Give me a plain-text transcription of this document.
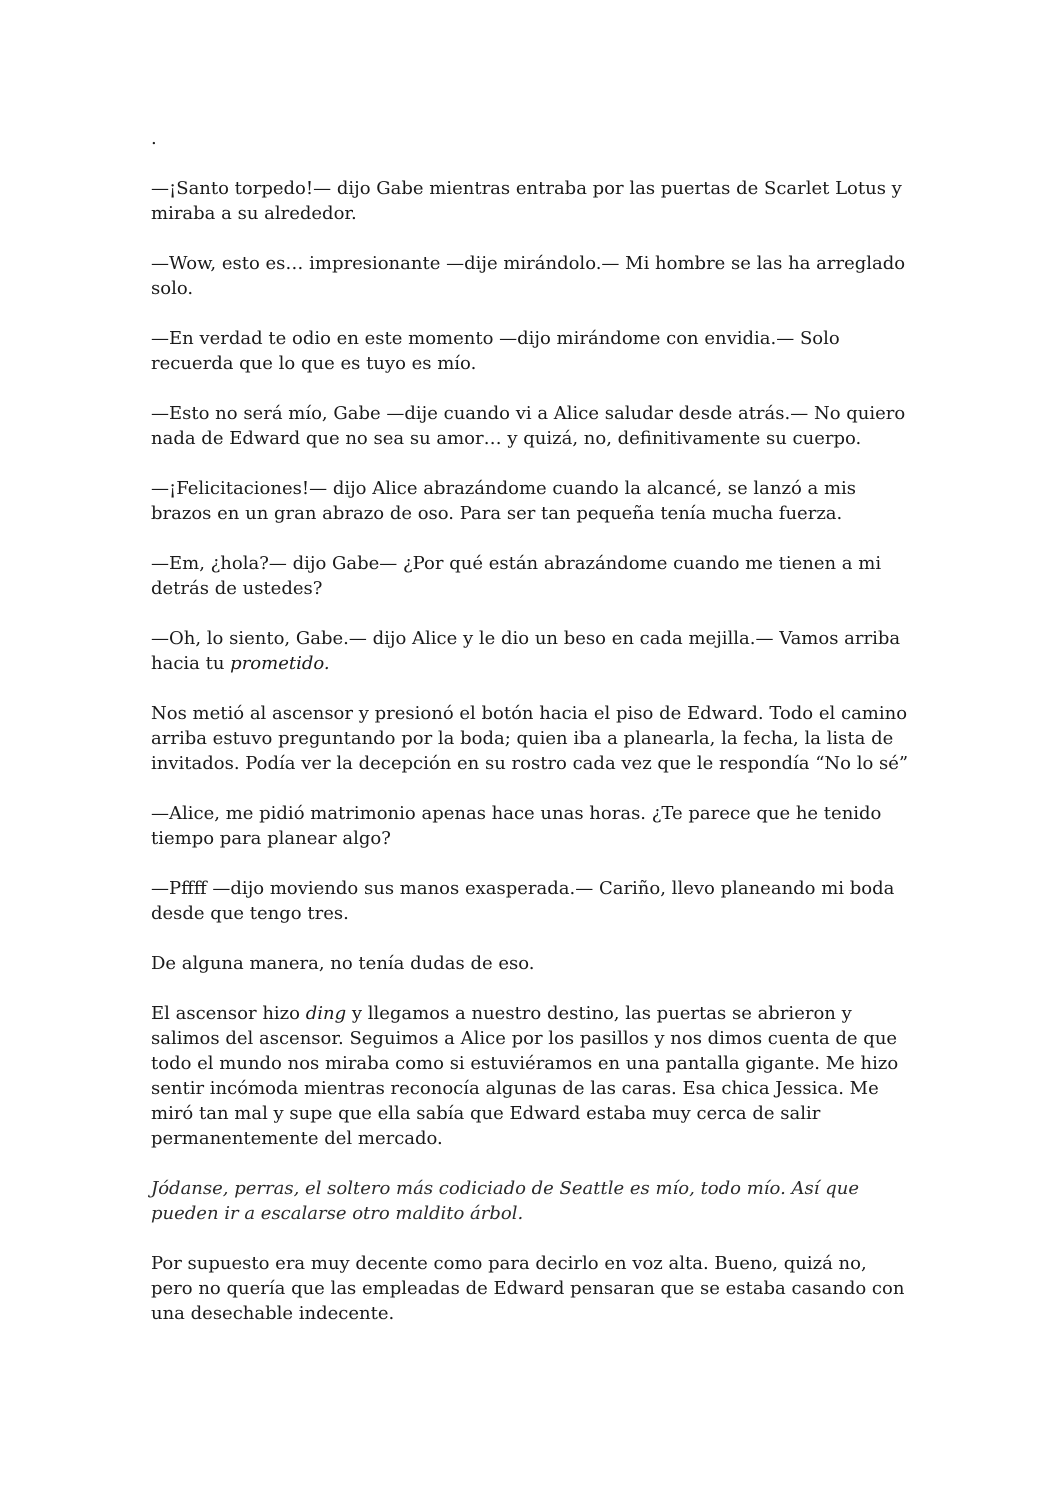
.

—¡Santo torpedo!— dijo Gabe mientras entraba por las puertas de Scarlet Lotus y miraba a su alrededor.

—Wow, esto es… impresionante —dije mirándolo.— Mi hombre se las ha arreglado solo.

—En verdad te odio en este momento —dijo mirándome con envidia.— Solo recuerda que lo que es tuyo es mío.

—Esto no será mío, Gabe —dije cuando vi a Alice saludar desde atrás.— No quiero nada de Edward que no sea su amor… y quizá, no, definitivamente su cuerpo.

—¡Felicitaciones!— dijo Alice abrazándome cuando la alcancé, se lanzó a mis brazos en un gran abrazo de oso. Para ser tan pequeña tenía mucha fuerza.

—Em, ¿hola?— dijo Gabe— ¿Por qué están abrazándome cuando me tienen a mi detrás de ustedes?

—Oh, lo siento, Gabe.— dijo Alice y le dio un beso en cada mejilla.— Vamos arriba hacia tu prometido.

Nos metió al ascensor y presionó el botón hacia el piso de Edward. Todo el camino arriba estuvo preguntando por la boda; quien iba a planearla, la fecha, la lista de invitados. Podía ver la decepción en su rostro cada vez que le respondía “No lo sé”

—Alice, me pidió matrimonio apenas hace unas horas. ¿Te parece que he tenido tiempo para planear algo?

—Pffff —dijo moviendo sus manos exasperada.— Cariño, llevo planeando mi boda desde que tengo tres.

De alguna manera, no tenía dudas de eso.

El ascensor hizo ding y llegamos a nuestro destino, las puertas se abrieron y salimos del ascensor. Seguimos a Alice por los pasillos y nos dimos cuenta de que todo el mundo nos miraba como si estuviéramos en una pantalla gigante. Me hizo sentir incómoda mientras reconocía algunas de las caras. Esa chica Jessica. Me miró tan mal y supe que ella sabía que Edward estaba muy cerca de salir permanentemente del mercado.

Jódanse, perras, el soltero más codiciado de Seattle es mío, todo mío. Así que pueden ir a escalarse otro maldito árbol.

Por supuesto era muy decente como para decirlo en voz alta. Bueno, quizá no, pero no quería que las empleadas de Edward pensaran que se estaba casando con una desechable indecente.
